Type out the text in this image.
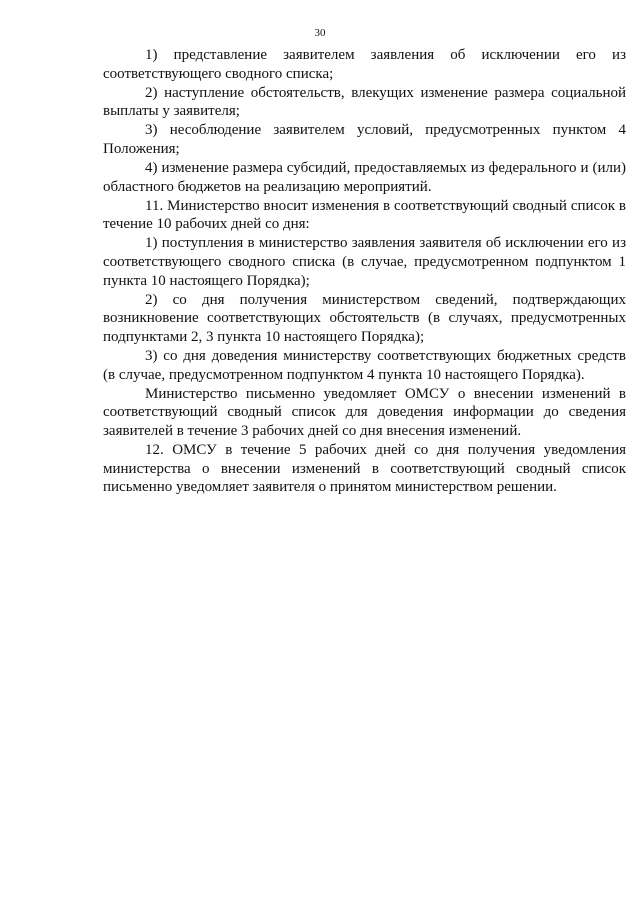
30

1) представление заявителем заявления об исключении его из соответствующего сводного списка;

2) наступление обстоятельств, влекущих изменение размера социальной выплаты у заявителя;

3) несоблюдение заявителем условий, предусмотренных пунктом 4 Положения;

4) изменение размера субсидий, предоставляемых из федерального и (или) областного бюджетов на реализацию мероприятий.

11. Министерство вносит изменения в соответствующий сводный список в течение 10 рабочих дней со дня:

1) поступления в министерство заявления заявителя об исключении его из соответствующего сводного списка (в случае, предусмотренном подпунктом 1 пункта 10 настоящего Порядка);

2) со дня получения министерством сведений, подтверждающих возникновение соответствующих обстоятельств (в случаях, предусмотренных подпунктами 2, 3 пункта 10 настоящего Порядка);

3) со дня доведения министерству соответствующих бюджетных средств (в случае, предусмотренном подпунктом 4 пункта 10 настоящего Порядка).

Министерство письменно уведомляет ОМСУ о внесении изменений в соответствующий сводный список для доведения информации до сведения заявителей в течение 3 рабочих дней со дня внесения изменений.

12. ОМСУ в течение 5 рабочих дней со дня получения уведомления министерства о внесении изменений в соответствующий сводный список письменно уведомляет заявителя о принятом министерством решении.
